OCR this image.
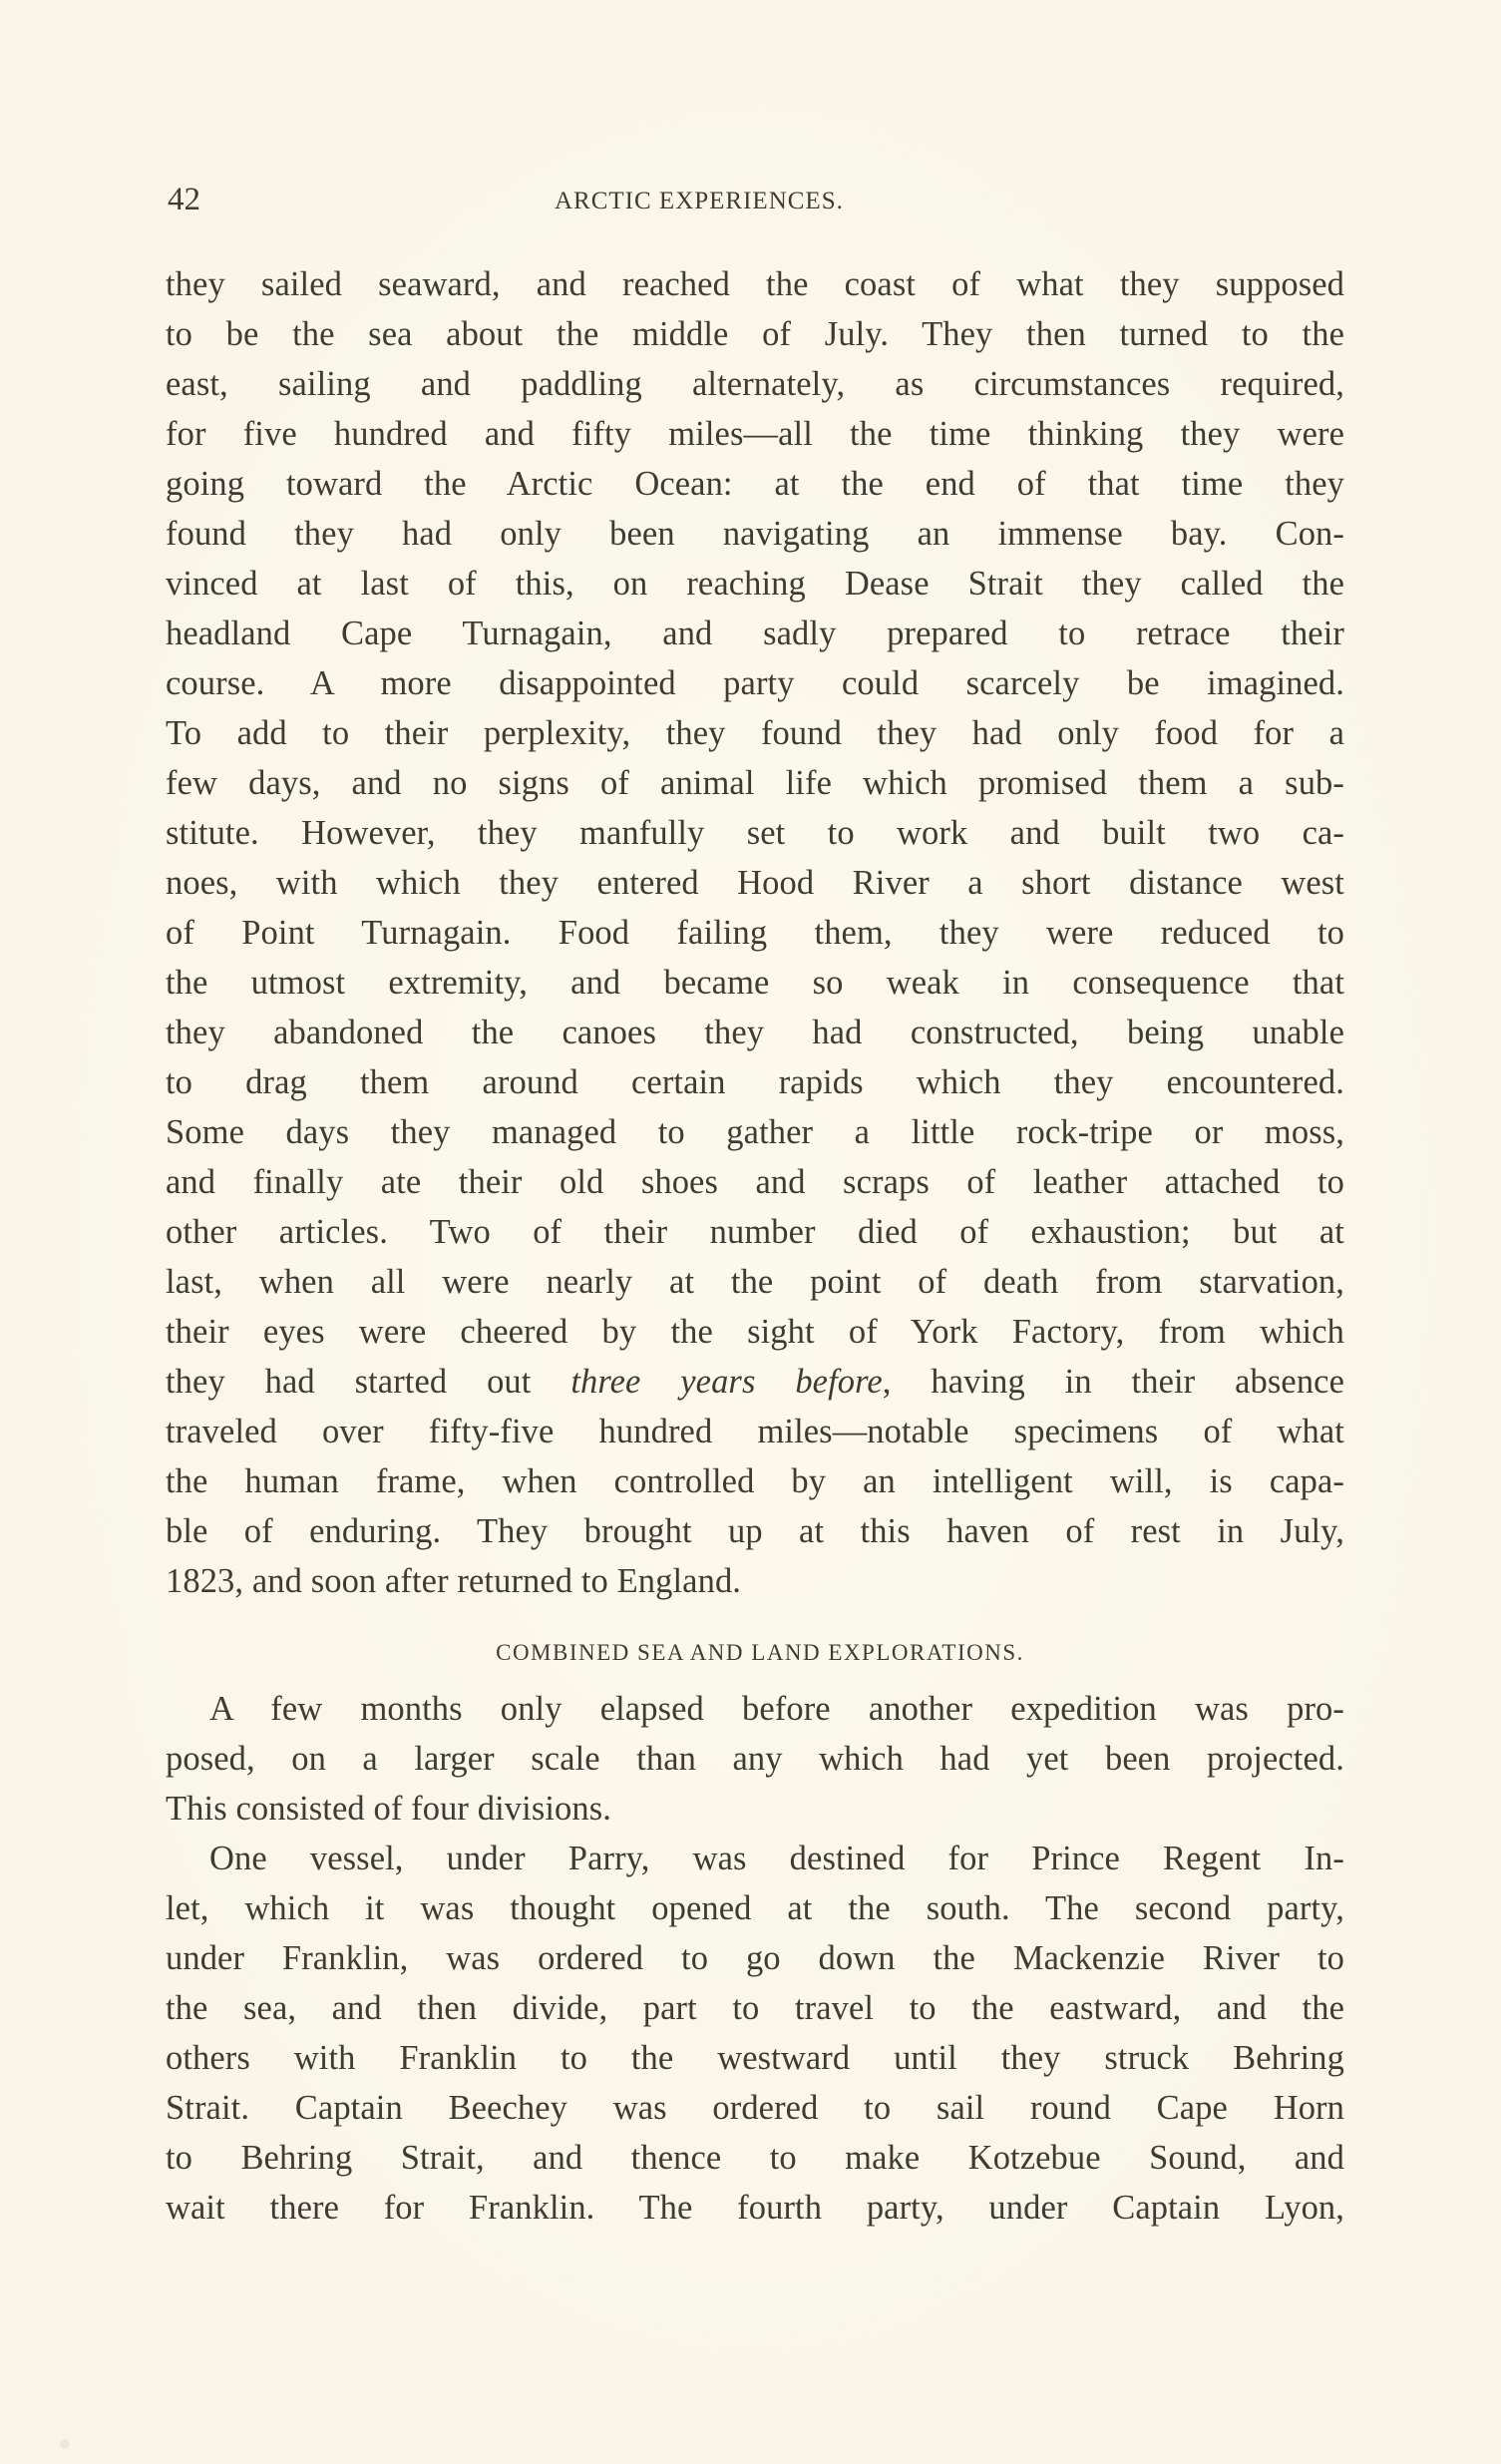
42	ARCTIC EXPERIENCES.
they sailed seaward, and reached the coast of what they supposed
to be the sea about the middle of July. They then turned to the
east, sailing and paddling alternately, as circumstances required,
for five hundred and fifty miles—all the time thinking they were
going toward the Arctic Ocean: at the end of that time they
found they had only been navigating an immense bay. Con-
vinced at last of this, on reaching Dease Strait they called the
headland Cape Turnagain, and sadly prepared to retrace their
course. A more disappointed party could scarcely be imagined.
To add to their perplexity, they found they had only food for a
few days, and no signs of animal life which promised them a sub-
stitute. However, they manfully set to work and built two ca-
noes, with which they entered Hood River a short distance west
of Point Turnagain. Food failing them, they were reduced to
the utmost extremity, and became so weak in consequence that
they abandoned the canoes they had constructed, being unable
to drag them around certain rapids which they encountered.
Some days they managed to gather a little rock-tripe or moss,
and finally ate their old shoes and scraps of leather attached to
other articles. Two of their number died of exhaustion; but at
last, when all were nearly at the point of death from starvation,
their eyes were cheered by the sight of York Factory, from which
they had started out three years before, having in their absence
traveled over fifty-five hundred miles—notable specimens of what
the human frame, when controlled by an intelligent will, is capa-
ble of enduring. They brought up at this haven of rest in July,
1823, and soon after returned to England.
COMBINED SEA AND LAND EXPLORATIONS.
A few months only elapsed before another expedition was pro-
posed, on a larger scale than any which had yet been projected.
This consisted of four divisions.
One vessel, under Parry, was destined for Prince Regent In-
let, which it was thought opened at the south. The second party,
under Franklin, was ordered to go down the Mackenzie River to
the sea, and then divide, part to travel to the eastward, and the
others with Franklin to the westward until they struck Behring
Strait. Captain Beechey was ordered to sail round Cape Horn
to Behring Strait, and thence to make Kotzebue Sound, and
wait there for Franklin. The fourth party, under Captain Lyon,
